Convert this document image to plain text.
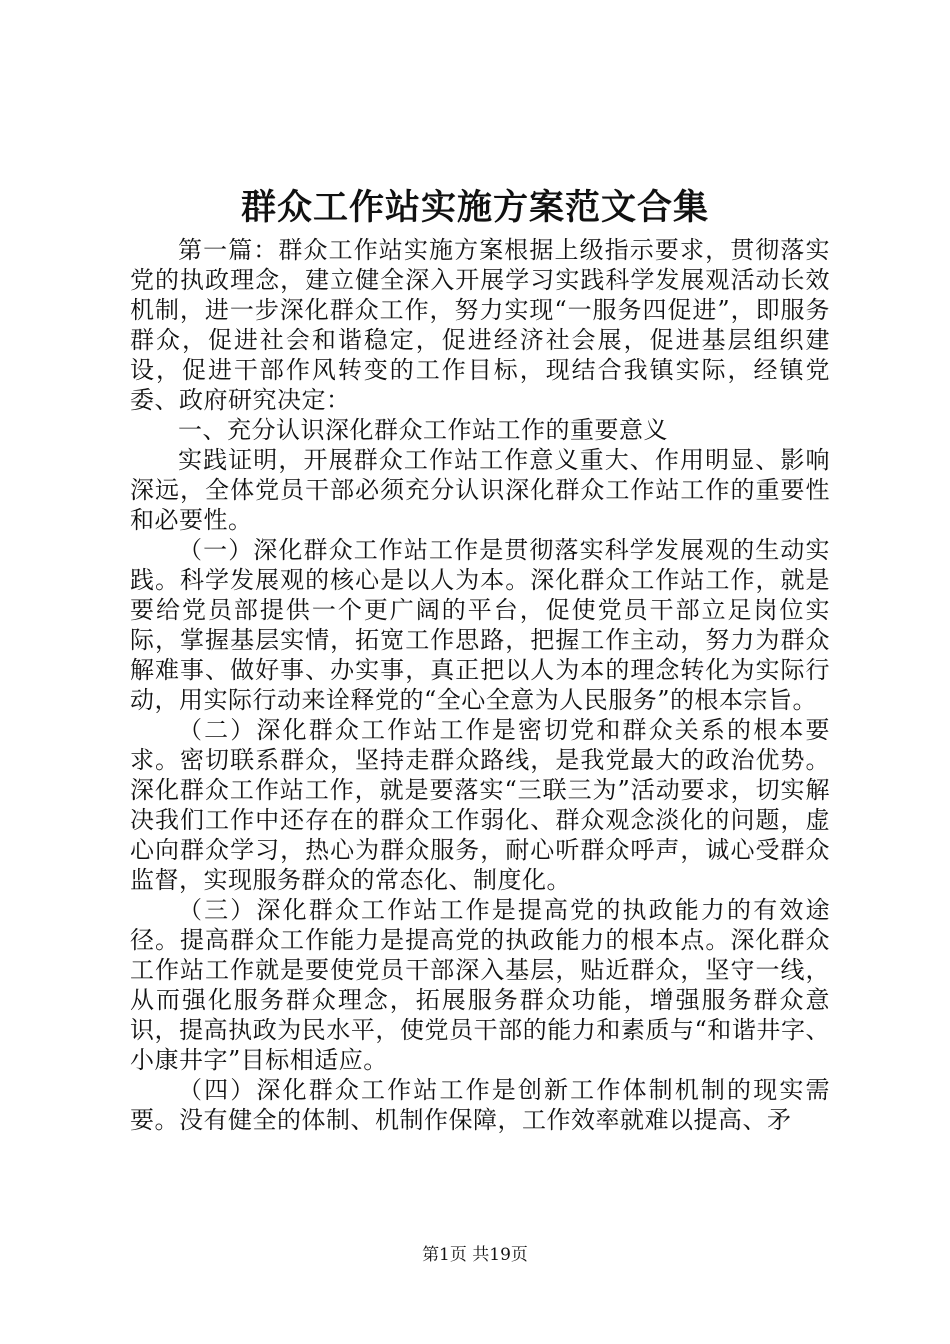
群众工作站实施方案范文合集

第一篇：群众工作站实施方案根据上级指示要求，贯彻落实党的执政理念，建立健全深入开展学习实践科学发展观活动长效机制，进一步深化群众工作，努力实现“一服务四促进”，即服务群众，促进社会和谐稳定，促进经济社会展，促进基层组织建设，促进干部作风转变的工作目标，现结合我镇实际，经镇党委、政府研究决定：

一、充分认识深化群众工作站工作的重要意义

实践证明，开展群众工作站工作意义重大、作用明显、影响深远，全体党员干部必须充分认识深化群众工作站工作的重要性和必要性。

（一）深化群众工作站工作是贯彻落实科学发展观的生动实践。科学发展观的核心是以人为本。深化群众工作站工作，就是要给党员部提供一个更广阔的平台，促使党员干部立足岗位实际，掌握基层实情，拓宽工作思路，把握工作主动，努力为群众解难事、做好事、办实事，真正把以人为本的理念转化为实际行动，用实际行动来诠释党的“全心全意为人民服务”的根本宗旨。

（二）深化群众工作站工作是密切党和群众关系的根本要求。密切联系群众，坚持走群众路线，是我党最大的政治优势。深化群众工作站工作，就是要落实“三联三为”活动要求，切实解决我们工作中还存在的群众工作弱化、群众观念淡化的问题，虚心向群众学习，热心为群众服务，耐心听群众呼声，诚心受群众监督，实现服务群众的常态化、制度化。

（三）深化群众工作站工作是提高党的执政能力的有效途径。提高群众工作能力是提高党的执政能力的根本点。深化群众工作站工作就是要使党员干部深入基层，贴近群众，坚守一线，从而强化服务群众理念，拓展服务群众功能，增强服务群众意识，提高执政为民水平，使党员干部的能力和素质与“和谐井字、小康井字”目标相适应。

（四）深化群众工作站工作是创新工作体制机制的现实需要。没有健全的体制、机制作保障，工作效率就难以提高、矛

第1页 共19页
